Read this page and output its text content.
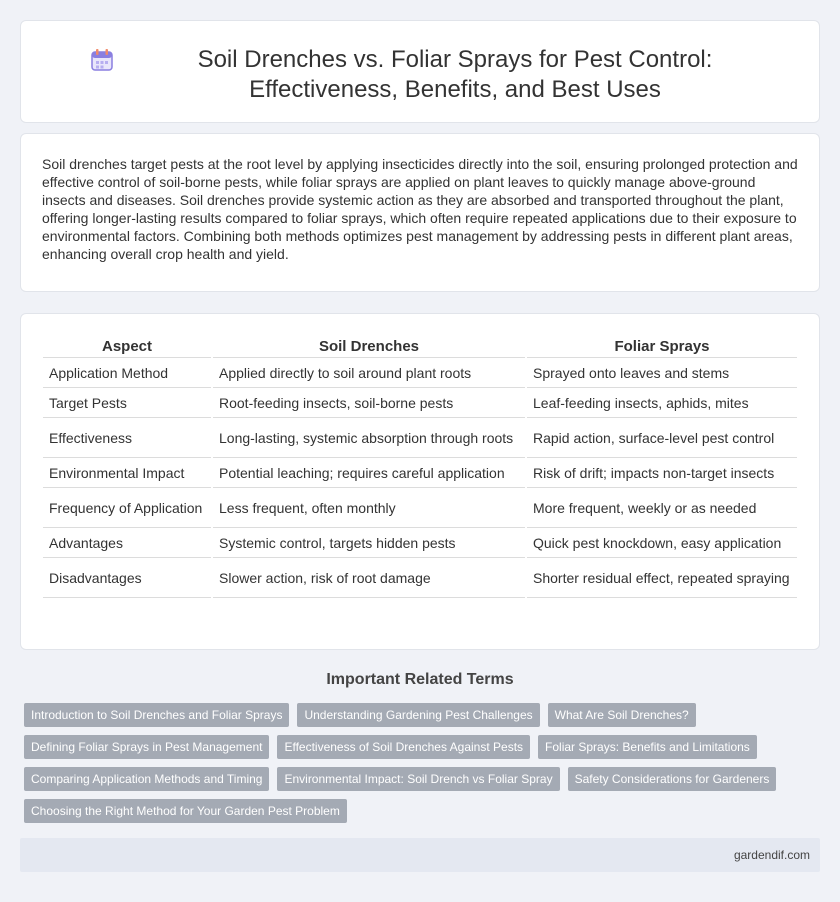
Soil Drenches vs. Foliar Sprays for Pest Control: Effectiveness, Benefits, and Best Uses

Soil drenches target pests at the root level by applying insecticides directly into the soil, ensuring prolonged protection and effective control of soil-borne pests, while foliar sprays are applied on plant leaves to quickly manage above-ground insects and diseases. Soil drenches provide systemic action as they are absorbed and transported throughout the plant, offering longer-lasting results compared to foliar sprays, which often require repeated applications due to their exposure to environmental factors. Combining both methods optimizes pest management by addressing pests in different plant areas, enhancing overall crop health and yield.

Aspect	Soil Drenches	Foliar Sprays
Application Method	Applied directly to soil around plant roots	Sprayed onto leaves and stems
Target Pests	Root-feeding insects, soil-borne pests	Leaf-feeding insects, aphids, mites
Effectiveness	Long-lasting, systemic absorption through roots	Rapid action, surface-level pest control
Environmental Impact	Potential leaching; requires careful application	Risk of drift; impacts non-target insects
Frequency of Application	Less frequent, often monthly	More frequent, weekly or as needed
Advantages	Systemic control, targets hidden pests	Quick pest knockdown, easy application
Disadvantages	Slower action, risk of root damage	Shorter residual effect, repeated spraying
Important Related Terms
Introduction to Soil Drenches and Foliar Sprays	Understanding Gardening Pest Challenges	What Are Soil Drenches?
Defining Foliar Sprays in Pest Management	Effectiveness of Soil Drenches Against Pests	Foliar Sprays: Benefits and Limitations
Comparing Application Methods and Timing	Environmental Impact: Soil Drench vs Foliar Spray	Safety Considerations for Gardeners
Choosing the Right Method for Your Garden Pest Problem
gardendif.com
